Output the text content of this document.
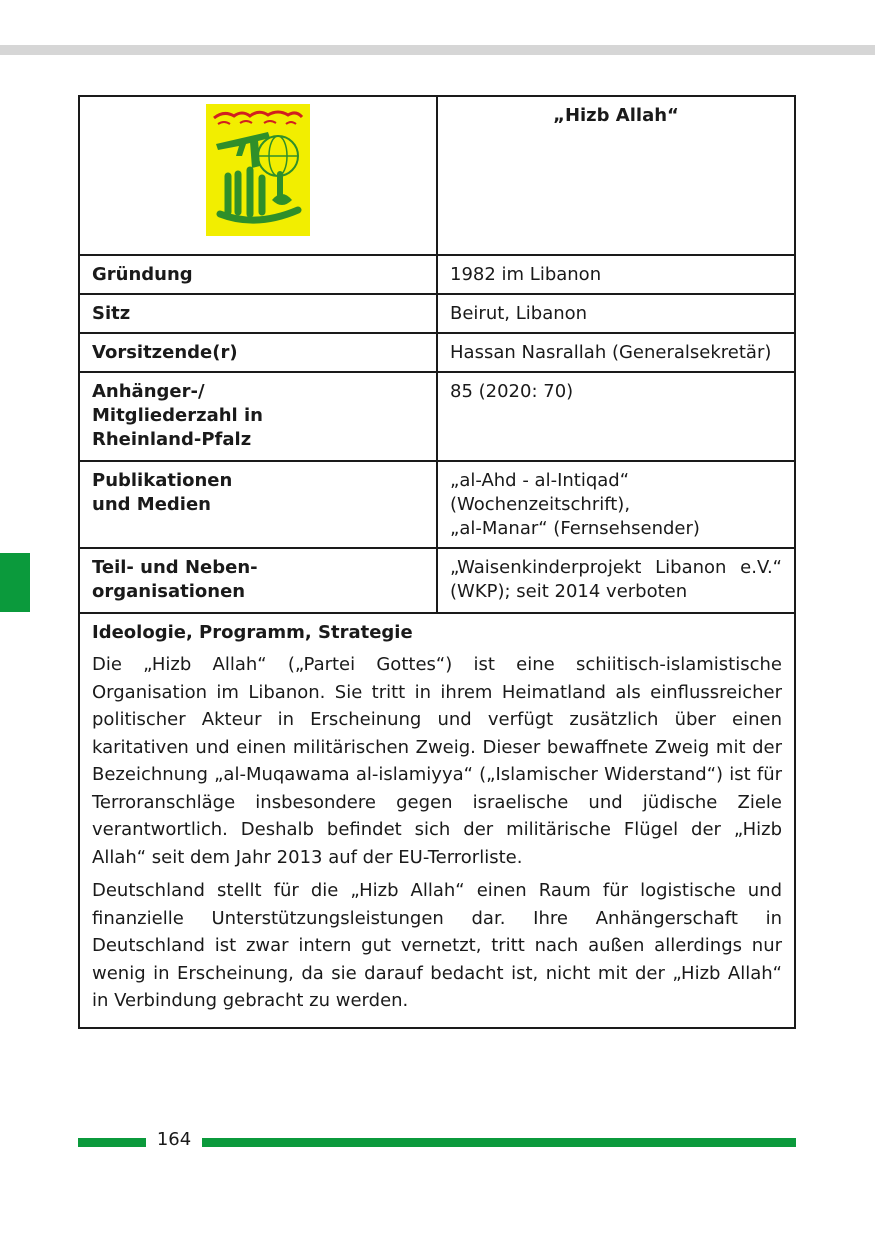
	„Hizb Allah“
Gründung	1982 im Libanon
Sitz	Beirut, Libanon
Vorsitzende(r)	Hassan Nasrallah (Generalsekretär)
Anhänger-/
Mitgliederzahl in
Rheinland-Pfalz	85 (2020: 70)
Publikationen
und Medien	„al-Ahd - al-Intiqad“ (Wochenzeitschrift),
„al-Manar“ (Fernsehsender)
Teil- und Neben-
organisationen	„Waisenkinderprojekt Libanon e.V.“ (WKP); seit 2014 verboten

Ideologie, Programm, Strategie

Die „Hizb Allah“ („Partei Gottes“) ist eine schiitisch-islamistische Organisation im Libanon. Sie tritt in ihrem Heimatland als einflussreicher politischer Akteur in Erscheinung und verfügt zusätzlich über einen karitativen und einen militärischen Zweig. Dieser bewaffnete Zweig mit der Bezeichnung „al-Muqawama al-islamiyya“ („Islamischer Widerstand“) ist für Terroranschläge insbesondere gegen israelische und jüdische Ziele verantwortlich. Deshalb befindet sich der militärische Flügel der „Hizb Allah“ seit dem Jahr 2013 auf der EU-Terrorliste.

Deutschland stellt für die „Hizb Allah“ einen Raum für logistische und finanzielle Unterstützungsleistungen dar. Ihre Anhängerschaft in Deutschland ist zwar intern gut vernetzt, tritt nach außen allerdings nur wenig in Erscheinung, da sie darauf bedacht ist, nicht mit der „Hizb Allah“ in Verbindung gebracht zu werden.	

164
